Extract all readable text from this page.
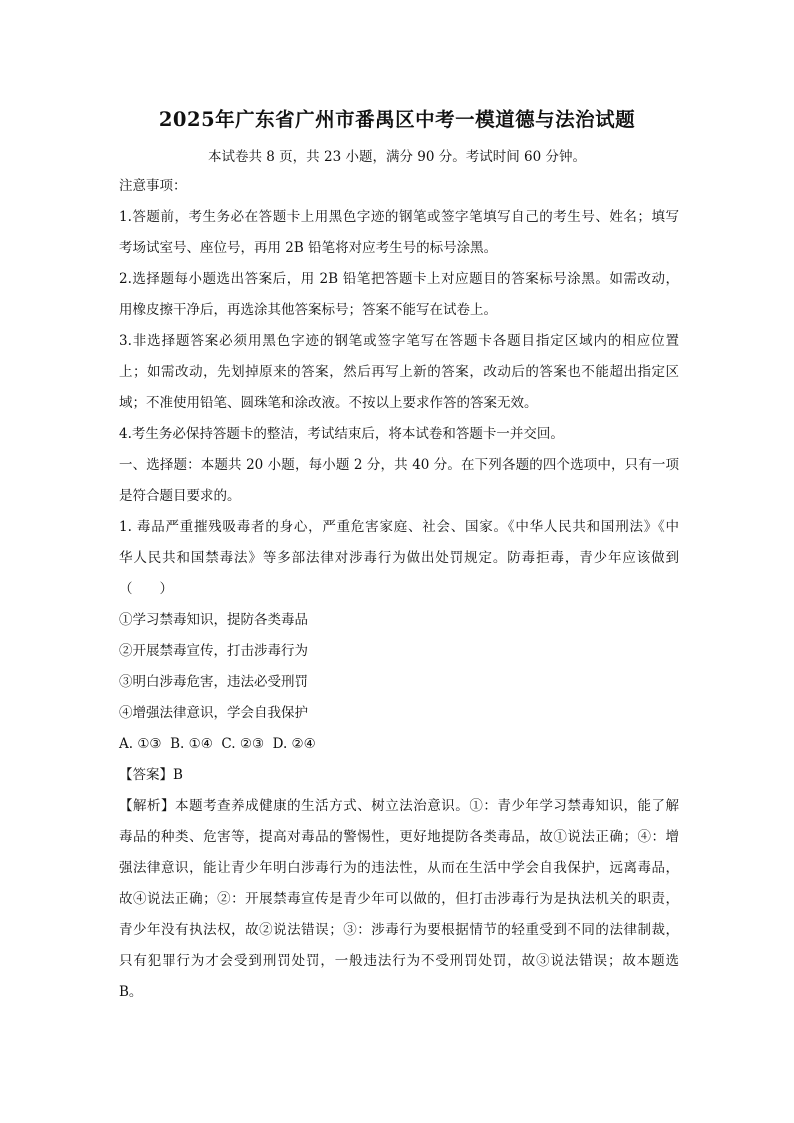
2025年广东省广州市番禺区中考一模道德与法治试题
本试卷共 8 页，共 23 小题，满分 90 分。考试时间 60 分钟。
注意事项：
1.答题前，考生务必在答题卡上用黑色字迹的钢笔或签字笔填写自己的考生号、姓名；填写
考场试室号、座位号，再用 2B 铅笔将对应考生号的标号涂黑。
2.选择题每小题选出答案后，用 2B 铅笔把答题卡上对应题目的答案标号涂黑。如需改动，
用橡皮擦干净后，再选涂其他答案标号；答案不能写在试卷上。
3.非选择题答案必须用黑色字迹的钢笔或签字笔写在答题卡各题目指定区域内的相应位置
上；如需改动，先划掉原来的答案，然后再写上新的答案，改动后的答案也不能超出指定区
域；不准使用铅笔、圆珠笔和涂改液。不按以上要求作答的答案无效。
4.考生务必保持答题卡的整洁，考试结束后，将本试卷和答题卡一并交回。
一、选择题：本题共 20 小题，每小题 2 分，共 40 分。在下列各题的四个选项中，只有一项
是符合题目要求的。
1. 毒品严重摧残吸毒者的身心，严重危害家庭、社会、国家。《中华人民共和国刑法》《中
华人民共和国禁毒法》等多部法律对涉毒行为做出处罚规定。防毒拒毒，青少年应该做到
（　　）
①学习禁毒知识，提防各类毒品
②开展禁毒宣传，打击涉毒行为
③明白涉毒危害，违法必受刑罚
④增强法律意识，学会自我保护
A. ①③  B. ①④  C. ②③  D. ②④
【答案】B
【解析】本题考查养成健康的生活方式、树立法治意识。①：青少年学习禁毒知识，能了解
毒品的种类、危害等，提高对毒品的警惕性，更好地提防各类毒品，故①说法正确；④：增
强法律意识，能让青少年明白涉毒行为的违法性，从而在生活中学会自我保护，远离毒品，
故④说法正确；②：开展禁毒宣传是青少年可以做的，但打击涉毒行为是执法机关的职责，
青少年没有执法权，故②说法错误；③：涉毒行为要根据情节的轻重受到不同的法律制裁，
只有犯罪行为才会受到刑罚处罚，一般违法行为不受刑罚处罚，故③说法错误；故本题选
B。
